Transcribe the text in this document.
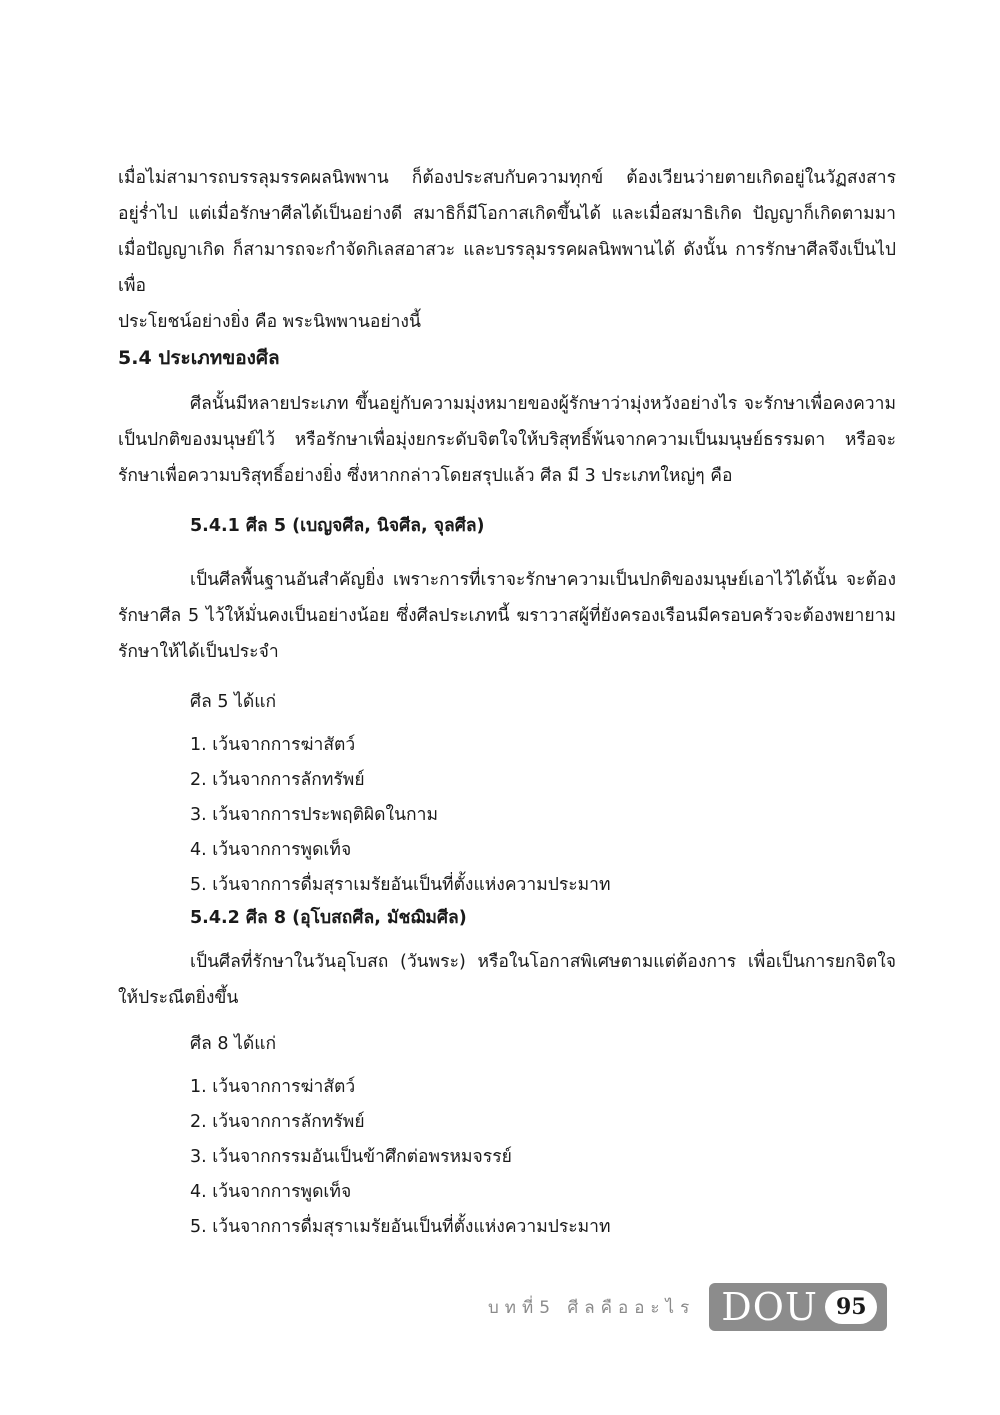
เมื่อไม่สามารถบรรลุมรรคผลนิพพาน ก็ต้องประสบกับความทุกข์ ต้องเวียนว่ายตายเกิดอยู่ในวัฏสงสาร

อยู่ร่ำไป แต่เมื่อรักษาศีลได้เป็นอย่างดี สมาธิก็มีโอกาสเกิดขึ้นได้ และเมื่อสมาธิเกิด ปัญญาก็เกิดตามมา

เมื่อปัญญาเกิด ก็สามารถจะกำจัดกิเลสอาสวะ และบรรลุมรรคผลนิพพานได้ ดังนั้น การรักษาศีลจึงเป็นไปเพื่อ

ประโยชน์อย่างยิ่ง คือ พระนิพพานอย่างนี้

5.4 ประเภทของศีล

ศีลนั้นมีหลายประเภท ขึ้นอยู่กับความมุ่งหมายของผู้รักษาว่ามุ่งหวังอย่างไร จะรักษาเพื่อคงความเป็นปกติของมนุษย์ไว้ หรือรักษาเพื่อมุ่งยกระดับจิตใจให้บริสุทธิ์พ้นจากความเป็นมนุษย์ธรรมดา หรือจะรักษาเพื่อความบริสุทธิ์อย่างยิ่ง ซึ่งหากกล่าวโดยสรุปแล้ว ศีล มี 3 ประเภทใหญ่ๆ คือ

5.4.1 ศีล 5 (เบญจศีล, นิจศีล, จุลศีล)

เป็นศีลพื้นฐานอันสำคัญยิ่ง เพราะการที่เราจะรักษาความเป็นปกติของมนุษย์เอาไว้ได้นั้น จะต้องรักษาศีล 5 ไว้ให้มั่นคงเป็นอย่างน้อย ซึ่งศีลประเภทนี้ ฆราวาสผู้ที่ยังครองเรือนมีครอบครัวจะต้องพยายามรักษาให้ได้เป็นประจำ

ศีล 5 ได้แก่

1. เว้นจากการฆ่าสัตว์
2. เว้นจากการลักทรัพย์
3. เว้นจากการประพฤติผิดในกาม
4. เว้นจากการพูดเท็จ
5. เว้นจากการดื่มสุราเมรัยอันเป็นที่ตั้งแห่งความประมาท
5.4.2 ศีล 8 (อุโบสถศีล, มัชฌิมศีล)

เป็นศีลที่รักษาในวันอุโบสถ (วันพระ) หรือในโอกาสพิเศษตามแต่ต้องการ เพื่อเป็นการยกจิตใจให้ประณีตยิ่งขึ้น

ศีล 8 ได้แก่

1. เว้นจากการฆ่าสัตว์
2. เว้นจากการลักทรัพย์
3. เว้นจากกรรมอันเป็นข้าศึกต่อพรหมจรรย์
4. เว้นจากการพูดเท็จ
5. เว้นจากการดื่มสุราเมรัยอันเป็นที่ตั้งแห่งความประมาท
บทที่5 ศีลคืออะไร DOU 95
